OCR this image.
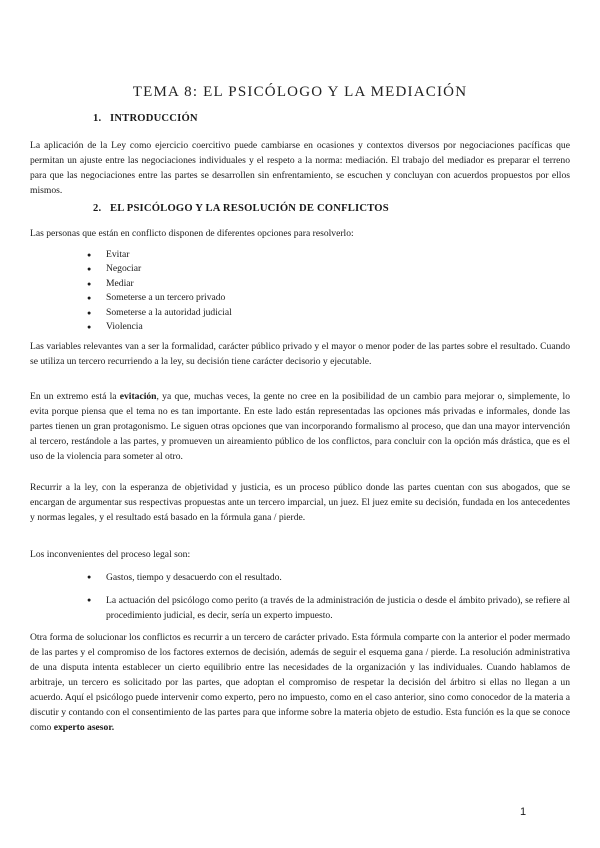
TEMA 8: EL PSICÓLOGO Y LA MEDIACIÓN
1. INTRODUCCIÓN

La aplicación de la Ley como ejercicio coercitivo puede cambiarse en ocasiones y contextos diversos por negociaciones pacíficas que permitan un ajuste entre las negociaciones individuales y el respeto a la norma: mediación. El trabajo del mediador es preparar el terreno para que las negociaciones entre las partes se desarrollen sin enfrentamiento, se escuchen y concluyan con acuerdos propuestos por ellos mismos.

2. EL PSICÓLOGO Y LA RESOLUCIÓN DE CONFLICTOS

Las personas que están en conflicto disponen de diferentes opciones para resolverlo:

● Evitar
● Negociar
● Mediar
● Someterse a un tercero privado
● Someterse a la autoridad judicial
● Violencia

Las variables relevantes van a ser la formalidad, carácter público privado y el mayor o menor poder de las partes sobre el resultado. Cuando se utiliza un tercero recurriendo a la ley, su decisión tiene carácter decisorio y ejecutable.

En un extremo está la evitación, ya que, muchas veces, la gente no cree en la posibilidad de un cambio para mejorar o, simplemente, lo evita porque piensa que el tema no es tan importante. En este lado están representadas las opciones más privadas e informales, donde las partes tienen un gran protagonismo. Le siguen otras opciones que van incorporando formalismo al proceso, que dan una mayor intervención al tercero, restándole a las partes, y promueven un aireamiento público de los conflictos, para concluir con la opción más drástica, que es el uso de la violencia para someter al otro.

Recurrir a la ley, con la esperanza de objetividad y justicia, es un proceso público donde las partes cuentan con sus abogados, que se encargan de argumentar sus respectivas propuestas ante un tercero imparcial, un juez. El juez emite su decisión, fundada en los antecedentes y normas legales, y el resultado está basado en la fórmula gana / pierde.

Los inconvenientes del proceso legal son:

● Gastos, tiempo y desacuerdo con el resultado.
● La actuación del psicólogo como perito (a través de la administración de justicia o desde el ámbito privado), se refiere al procedimiento judicial, es decir, sería un experto impuesto.

Otra forma de solucionar los conflictos es recurrir a un tercero de carácter privado. Esta fórmula comparte con la anterior el poder mermado de las partes y el compromiso de los factores externos de decisión, además de seguir el esquema gana / pierde. La resolución administrativa de una disputa intenta establecer un cierto equilibrio entre las necesidades de la organización y las individuales. Cuando hablamos de arbitraje, un tercero es solicitado por las partes, que adoptan el compromiso de respetar la decisión del árbitro si ellas no llegan a un acuerdo. Aquí el psicólogo puede intervenir como experto, pero no impuesto, como en el caso anterior, sino como conocedor de la materia a discutir y contando con el consentimiento de las partes para que informe sobre la materia objeto de estudio. Esta función es la que se conoce como experto asesor.

1
